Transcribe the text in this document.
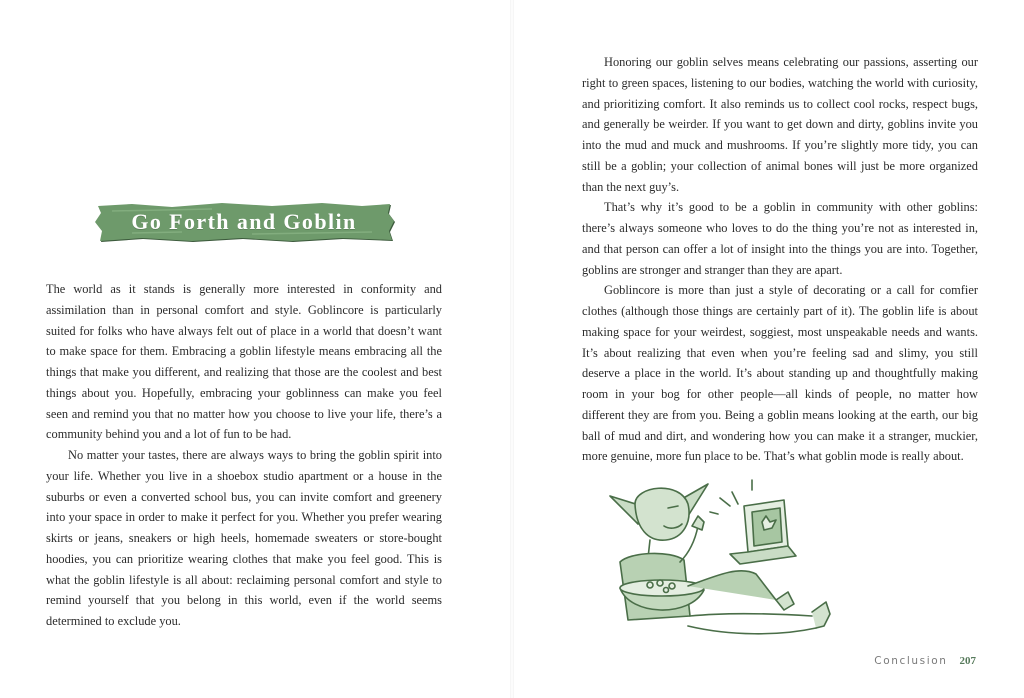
Go Forth and Goblin

The world as it stands is generally more interested in conformity and assimilation than in personal comfort and style. Goblincore is particularly suited for folks who have always felt out of place in a world that doesn’t want to make space for them. Embracing a goblin lifestyle means embracing all the things that make you different, and realizing that those are the coolest and best things about you. Hopefully, embracing your goblinness can make you feel seen and remind you that no matter how you choose to live your life, there’s a community behind you and a lot of fun to be had.

No matter your tastes, there are always ways to bring the goblin spirit into your life. Whether you live in a shoebox studio apartment or a house in the suburbs or even a converted school bus, you can invite comfort and greenery into your space in order to make it perfect for you. Whether you prefer wearing skirts or jeans, sneakers or high heels, homemade sweaters or store-bought hoodies, you can prioritize wearing clothes that make you feel good. This is what the goblin lifestyle is all about: reclaiming personal comfort and style to remind yourself that you belong in this world, even if the world seems determined to exclude you.

Honoring our goblin selves means celebrating our passions, asserting our right to green spaces, listening to our bodies, watching the world with curiosity, and prioritizing comfort. It also reminds us to collect cool rocks, respect bugs, and generally be weirder. If you want to get down and dirty, goblins invite you into the mud and muck and mushrooms. If you’re slightly more tidy, you can still be a goblin; your collection of animal bones will just be more organized than the next guy’s.

That’s why it’s good to be a goblin in community with other goblins: there’s always someone who loves to do the thing you’re not as interested in, and that person can offer a lot of insight into the things you are into. Together, goblins are stronger and stranger than they are apart.

Goblincore is more than just a style of decorating or a call for comfier clothes (although those things are certainly part of it). The goblin life is about making space for your weirdest, soggiest, most unspeakable needs and wants. It’s about realizing that even when you’re feeling sad and slimy, you still deserve a place in the world. It’s about standing up and thoughtfully making room in your bog for other people—all kinds of people, no matter how different they are from you. Being a goblin means looking at the earth, our big ball of mud and dirt, and wondering how you can make it a stranger, muckier, more genuine, more fun place to be. That’s what goblin mode is really about.

Conclusion 207
